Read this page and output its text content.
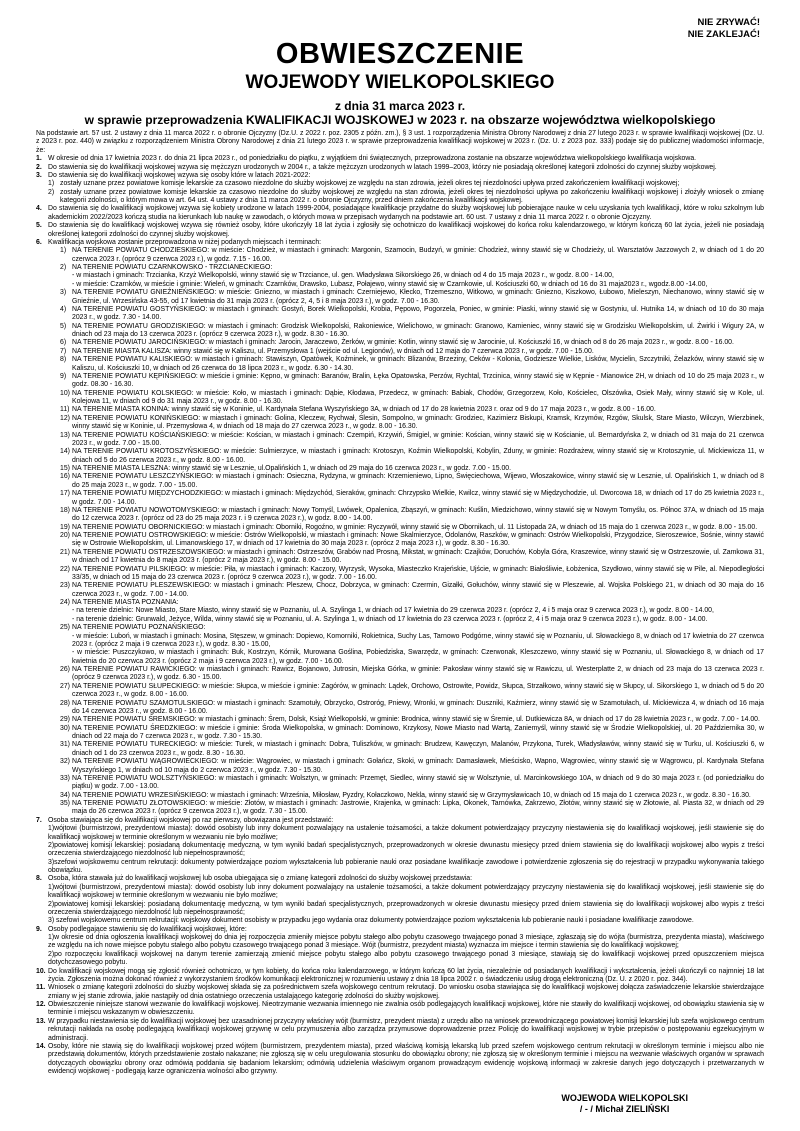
NIE ZRYWAĆ!
NIE ZAKLEJAĆ!
OBWIESZCZENIE
WOJEWODY WIELKOPOLSKIEGO
z dnia 31 marca 2023 r.
w sprawie przeprowadzenia KWALIFIKACJI WOJSKOWEJ w 2023 r. na obszarze województwa wielkopolskiego

Na podstawie art. 57 ust. 2 ustawy z dnia 11 marca 2022 r. o obronie Ojczyzny (Dz.U. z 2022 r. poz. 2305 z późn. zm.), § 3 ust. 1 rozporządzenia Ministra Obrony Narodowej z dnia 27 lutego 2023 r. w sprawie kwalifikacji wojskowej (Dz. U. z 2023 r. poz. 440) w związku z rozporządzeniem Ministra Obrony Narodowej z dnia 21 lutego 2023 r. w sprawie przeprowadzenia kwalifikacji wojskowej w 2023 r. (Dz. U. z 2023 poz. 333) podaje się do publicznej wiadomości informacje, że:

1. W okresie od dnia 17 kwietnia 2023 r. do dnia 21 lipca 2023 r., od poniedziałku do piątku, z wyjątkiem dni świątecznych, przeprowadzona zostanie na obszarze województwa wielkopolskiego kwalifikacja wojskowa.
2. Do stawienia się do kwalifikacji wojskowej wzywa się mężczyzn urodzonych w 2004 r., a także mężczyzn urodzonych w latach 1999–2003, którzy nie posiadają określonej kategorii zdolności do czynnej służby wojskowej.
3. Do stawienia się do kwalifikacji wojskowej wzywa się osoby które w latach 2021-2022:
1) zostały uznane przez powiatowe komisje lekarskie za czasowo niezdolne do służby wojskowej ze względu na stan zdrowia, jeżeli okres tej niezdolności upływa przed zakończeniem kwalifikacji wojskowej;
2) zostały uznane przez powiatowe komisje lekarskie za czasowo niezdolne do służby wojskowej ze względu na stan zdrowia, jeżeli okres tej niezdolności upływa po zakończeniu kwalifikacji wojskowej i złożyły wniosek o zmianę kategorii zdolności, o którym mowa w art. 64 ust. 4 ustawy z dnia 11 marca 2022 r. o obronie Ojczyzny, przed dniem zakończenia kwalifikacji wojskowej.
4. Do stawienia się do kwalifikacji wojskowej wzywa się kobiety urodzone w latach 1999-2004, posiadające kwalifikacje przydatne do służby wojskowej lub pobierające nauke w celu uzyskania tych kwalifikacji, które w roku szkolnym lub akademickim 2022/2023 kończą studia na kierunkach lub naukę w zawodach, o których mowa w przepisach wydanych na podstawie art. 60 ust. 7 ustawy z dnia 11 marca 2022 r. o obronie Ojczyzny.
5. Do stawienia się do kwalifikacji wojskowej wzywa się również osoby, które ukończyły 18 lat życia i zgłosiły się ochotniczo do kwalifikacji wojskowej do końca roku kalendarzowego, w którym kończą 60 lat życia, jeżeli nie posiadają określonej kategorii zdolności do czynnej służby wojskowej.
6. Kwalifikacja wojskowa zostanie przeprowadzona w niżej podanych miejscach i terminach:
1) NA TERENIE POWIATU CHODZIESKIEGO: w mieście: Chodzież, w miastach i gminach: Margonin, Szamocin, Budzyń, w gminie: Chodzież, winny stawić się w Chodzieży, ul. Warsztatów Jazzowych 2, w dniach od 1 do 20 czerwca 2023 r. (oprócz 9 czerwca 2023 r.), w godz. 7.15 - 16.00.
2) NA TERENIE POWIATU CZARNKOWSKO - TRZCIANECKIEGO:
- w miastach i gminach: Trzcianka, Krzyż Wielkopolski, winny stawić się w Trzciance, ul. gen. Władysława Sikorskiego 26, w dniach od 4 do 15 maja 2023 r., w godz. 8.00 - 14.00,
- w mieście: Czarnków, w mieście i gminie: Wieleń, w gminach: Czarnków, Drawsko, Lubasz, Połajewo, winny stawić się w Czarnkowie, ul. Kościuszki 60, w dniach od 16 do 31 maja2023 r., wgodz.8.00 -14.00,
3) NA TERENIE POWIATU GNIEŹNIEŃSKIEGO: w mieście: Gniezno, w miastach i gminach: Czerniejewo, Kłecko, Trzemeszno, Witkowo, w gminach: Gniezno, Kiszkowo, Łubowo, Mieleszyn, Niechanowo, winny stawić się w Gnieźnie, ul. Wrzesińska 43-55, od 17 kwietnia do 31 maja 2023 r. (oprócz 2, 4, 5 i 8 maja 2023 r.), w godz. 7.00 - 16.30.
4) NA TERENIE POWIATU GOSTYŃSKIEGO: w miastach i gminach: Gostyń, Borek Wielkopolski, Krobia, Pępowo, Pogorzela, Poniec, w gminie: Piaski, winny stawić się w Gostyniu, ul. Hutnika 14, w dniach od 10 do 30 maja 2023 r., w godz. 7.30 - 14.00.
5) NA TERENIE POWIATU GRODZISKIEGO: w miastach i gminach: Grodzisk Wielkopolski, Rakoniewice, Wielichowo, w gminach: Granowo, Kamieniec, winny stawić się w Grodzisku Wielkopolskim, ul. Żwirki i Wigury 2A, w dniach od 23 maja do 13 czerwca 2023 r. (oprócz 9 czerwca 2023 r.), w godz. 8.30 - 16.30.
6) NA TERENIE POWIATU JAROCIŃSKIEGO: w miastach i gminach: Jarocin, Jaraczewo, Żerków, w gminie: Kotlin, winny stawić się w Jarocinie, ul. Kościuszki 16, w dniach od 8 do 26 maja 2023 r., w godz. 8.00 - 16.00.
7) NA TERENIE MIASTA KALISZA: winny stawić się w Kaliszu, ul. Przemysłowa 1 (wejście od ul. Legionów), w dniach od 12 maja do 7 czerwca 2023 r., w godz. 7.00 - 15.00.
8) NA TERENIE POWIATU KALISKIEGO: w miastach i gminach: Stawiszyn, Opatówek, Koźminek, w gminach: Blizanów, Brzeziny, Ceków - Kolonia, Godziesze Wielkie, Lisków, Mycielin, Szczytniki, Żelazków, winny stawić się w Kaliszu, ul. Kościuszki 10, w dniach od 26 czerwca do 18 lipca 2023 r., w godz. 6.30 - 14.30.
9) NA TERENIE POWIATU KĘPIŃSKIEGO: w mieście i gminie: Kępno, w gminach: Baranów, Bralin, Łęka Opatowska, Perzów, Rychtal, Trzcinica, winny stawić się w Kępnie - Mianowice 2H, w dniach od 10 do 25 maja 2023 r., w godz. 08.30 - 16.30.
10) NA TERENIE POWIATU KOLSKIEGO: w mieście: Koło, w miastach i gminach: Dąbie, Kłodawa, Przedecz, w gminach: Babiak, Chodów, Grzegorzew, Koło, Kościelec, Olszówka, Osiek Mały, winny stawić się w Kole, ul. Kolejowa 11, w dniach od 9 do 31 maja 2023 r., w godz. 8.00 - 16.30.
11) NA TERENIE MIASTA KONINA: winny stawić się w Koninie, ul. Kardynała Stefana Wyszyńskiego 3A, w dniach od 17 do 28 kwietnia 2023 r. oraz od 9 do 17 maja 2023 r., w godz. 8.00 - 16.00.
12) NA TERENIE POWIATU KONIŃSKIEGO: w miastach i gminach: Golina, Kleczew, Rychwał, Ślesin, Sompolno, w gminach: Grodziec, Kazimierz Biskupi, Kramsk, Krzymów, Rzgów, Skulsk, Stare Miasto, Wilczyn, Wierzbinek, winny stawić się w Koninie, ul. Przemysłowa 4, w dniach od 18 maja do 27 czerwca 2023 r., w godz. 8.00 - 16.30.
13) NA TERENIE POWIATU KOŚCIAŃSKIEGO: w mieście: Kościan, w miastach i gminach: Czempiń, Krzywiń, Śmigiel, w gminie: Kościan, winny stawić się w Kościanie, ul. Bernardyńska 2, w dniach od 31 maja do 21 czerwca 2023 r., w godz. 7.00 - 15.00.
14) NA TERENIE POWIATU KROTOSZYŃSKIEGO: w mieście: Sulmierzyce, w miastach i gminach: Krotoszyn, Koźmin Wielkopolski, Kobylin, Zduny, w gminie: Rozdrażew, winny stawić się w Krotoszynie, ul. Mickiewicza 11, w dniach od 5 do 26 czerwca 2023 r., w godz. 8.00 - 16.00.
15) NA TERENIE MIASTA LESZNA: winny stawić się w Lesznie, ul.Opalińskich 1, w dniach od 29 maja do 16 czerwca 2023 r., w godz. 7.00 - 15.00.
16) NA TERENIE POWIATU LESZCZYŃSKIEGO: w miastach i gminach: Osieczna, Rydzyna, w gminach: Krzemieniewo, Lipno, Święciechowa, Wijewo, Włoszakowice, winny stawić się w Lesznie, ul. Opalińskich 1, w dniach od 8 do 25 maja 2023 r., w godz. 7.00 - 15.00.
17) NA TERENIE POWIATU MIĘDZYCHODZKIEGO: w miastach i gminach: Międzychód, Sieraków, gminach: Chrzypsko Wielkie, Kwilcz, winny stawić się w Międzychodzie, ul. Dworcowa 18, w dniach od 17 do 25 kwietnia 2023 r., w godz. 7.00 - 14.00.
18) NA TERENIE POWIATU NOWOTOMYSKIEGO: w miastach i gminach: Nowy Tomyśl, Lwówek, Opalenica, Zbąszyń, w gminach: Kuślin, Miedzichowo, winny stawić się w Nowym Tomyślu, os. Północ 37A, w dniach od 15 maja do 12 czerwca 2023 r. (oprócz od 23 do 25 maja 2023 r. i 9 czerwca 2023 r.), w godz. 8.00 - 14.00.
19) NA TERENIE POWIATU OBORNICKIEGO: w miastach i gminach: Oborniki, Rogoźno, w gminie: Ryczywół, winny stawić się w Obornikach, ul. 11 Listopada 2A, w dniach od 15 maja do 1 czerwca 2023 r., w godz. 8.00 - 15.00.
20) NA TERENIE POWIATU OSTROWSKIEGO: w mieście: Ostrów Wielkopolski, w miastach i gminach: Nowe Skalmierzyce, Odolanów, Raszków, w gminach: Ostrów Wielkopolski, Przygodzice, Sieroszewice, Sośnie, winny stawić się w Ostrowie Wielkopolskim, ul. Limanowskiego 17, w dniach od 17 kwietnia do 30 maja 2023 r. (oprócz 2 maja 2023 r.), w godz. 8.30 - 16.30.
21) NA TERENIE POWIATU OSTRZESZOWSKIEGO: w miastach i gminach: Ostrzeszów, Grabów nad Prosną, Mikstat, w gminach: Czajków, Doruchów, Kobyla Góra, Kraszewice, winny stawić się w Ostrzeszowie, ul. Zamkowa 31, w dniach od 17 kwietnia do 8 maja 2023 r. (oprócz 2 maja 2023 r.), w godz. 8.00 - 15.00.
22) NA TERENIE POWIATU PILSKIEGO: w mieście: Piła, w miastach i gminach: Kaczory, Wyrzysk, Wysoka, Miasteczko Krajeńskie, Ujście, w gminach: Białośliwie, Łobżenica, Szydłowo, winny stawić się w Pile, al. Niepodległości 33/35, w dniach od 15 maja do 23 czerwca 2023 r. (oprócz 9 czerwca 2023 r.), w godz. 7.00 - 16.00.
23) NA TERENIE POWIATU PLESZEWSKIEGO: w miastach i gminach: Pleszew, Chocz, Dobrzyca, w gminach: Czermin, Gizałki, Gołuchów, winny stawić się w Pleszewie, al. Wojska Polskiego 21, w dniach od 30 maja do 16 czerwca 2023 r., w godz. 7.00 - 14.00.
24) NA TERENIE MIASTA POZNANIA:
- na terenie dzielnic: Nowe Miasto, Stare Miasto, winny stawić się w Poznaniu, ul. A. Szylinga 1, w dniach od 17 kwietnia do 29 czerwca 2023 r. (oprócz 2, 4 i 5 maja oraz 9 czerwca 2023 r.), w godz. 8.00 - 14.00,
- na terenie dzielnic: Grunwald, Jeżyce, Wilda, winny stawić się w Poznaniu, ul. A. Szylinga 1, w dniach od 17 kwietnia do 23 czerwca 2023 r. (oprócz 2, 4 i 5 maja oraz 9 czerwca 2023 r.), w godz. 8.00 - 14.00.
25) NA TERENIE POWIATU POZNAŃSKIEGO:
- w mieście: Luboń, w miastach i gminach: Mosina, Stęszew, w gminach: Dopiewo, Komorniki, Rokietnica, Suchy Las, Tarnowo Podgórne, winny stawić się w Poznaniu, ul. Słowackiego 8, w dniach od 17 kwietnia do 27 czerwca 2023 r. (oprócz 2 maja i 9 czerwca 2023 r.), w godz. 8.30 - 15.00,
- w mieście: Puszczykowo, w miastach i gminach: Buk, Kostrzyn, Kórnik, Murowana Goślina, Pobiedziska, Swarzędz, w gminach: Czerwonak, Kleszczewo, winny stawić się w Poznaniu, ul. Słowackiego 8, w dniach od 17 kwietnia do 20 czerwca 2023 r. (oprócz 2 maja i 9 czerwca 2023 r.), w godz. 7.00 - 16.00.
26) NA TERENIE POWIATU RAWICKIEGO: w miastach i gminach: Rawicz, Bojanowo, Jutrosin, Miejska Górka, w gminie: Pakosław winny stawić się w Rawiczu, ul. Westerplatte 2, w dniach od 23 maja do 13 czerwca 2023 r. (oprócz 9 czerwca 2023 r.), w godz. 6.30 - 15.00.
27) NA TERENIE POWIATU SŁUPECKIEGO: w mieście: Słupca, w mieście i gminie: Zagórów, w gminach: Lądek, Orchowo, Ostrowite, Powidz, Słupca, Strzałkowo, winny stawić się w Słupcy, ul. Sikorskiego 1, w dniach od 5 do 20 czerwca 2023 r., w godz. 8.00 - 16.00.
28) NA TERENIE POWIATU SZAMOTULSKIEGO: w miastach i gminach: Szamotuły, Obrzycko, Ostroróg, Pniewy, Wronki, w gminach: Duszniki, Kaźmierz, winny stawić się w Szamotułach, ul. Mickiewicza 4, w dniach od 16 maja do 14 czerwca 2023 r., w godz. 8.00 - 16.00.
29) NA TERENIE POWIATU ŚREMSKIEGO: w miastach i gminach: Śrem, Dolsk, Książ Wielkopolski, w gminie: Brodnica, winny stawić się w Śremie, ul. Dutkiewicza 8A, w dniach od 17 do 28 kwietnia 2023 r., w godz. 7.00 - 14.00.
30) NA TERENIE POWIATU ŚREDZKIEGO: w mieście i gminie: Środa Wielkopolska, w gminach: Dominowo, Krzykosy, Nowe Miasto nad Wartą, Zaniemyśl, winny stawić się w Środzie Wielkopolskiej, ul. 20 Października 30, w dniach od 22 maja do 7 czerwca 2023 r., w godz. 7.30 - 15.30.
31) NA TERENIE POWIATU TURECKIEGO: w mieście: Turek, w miastach i gminach: Dobra, Tuliszków, w gminach: Brudzew, Kawęczyn, Malanów, Przykona, Turek, Władysławów, winny stawić się w Turku, ul. Kościuszki 6, w dniach od 1 do 23 czerwca 2023 r., w godz. 8.30 - 16.30.
32) NA TERENIE POWIATU WĄGROWIECKIEGO: w mieście: Wągrowiec, w miastach i gminach: Gołańcz, Skoki, w gminach: Damasławek, Mieścisko, Wapno, Wągrowiec, winny stawić się w Wągrowcu, pl. Kardynała Stefana Wyszyńskiego 1, w dniach od 10 maja do 2 czerwca 2023 r., w godz. 7.30 - 15.30.
33) NA TERENIE POWIATU WOLSZTYŃSKIEGO: w miastach i gminach: Wolsztyn, w gminach: Przemęt, Siedlec, winny stawić się w Wolsztynie, ul. Marcinkowskiego 10A, w dniach od 9 do 30 maja 2023 r. (od poniedziałku do piątku) w godz. 7.00 - 13.00.
34) NA TERENIE POWIATU WRZESIŃSKIEGO: w miastach i gminach: Września, Miłosław, Pyzdry, Kołaczkowo, Nekla, winny stawić się w Grzymysławicach 10, w dniach od 15 maja do 1 czerwca 2023 r., w godz. 8.30 - 16.30.
35) NA TERENIE POWIATU ZŁOTOWSKIEGO: w mieście: Złotów, w miastach i gminach: Jastrowie, Krajenka, w gminach: Lipka, Okonek, Tarnówka, Zakrzewo, Złotów, winny stawić się w Złotowie, al. Piasta 32, w dniach od 29 maja do 26 czerwca 2023 r. (oprócz 9 czerwca 2023 r.), w godz. 7.30 - 15.00.
7. Osoba stawiająca się do kwalifikacji wojskowej po raz pierwszy, obowiązana jest przedstawić:
1)wójtowi (burmistrzowi, prezydentowi miasta): dowód osobisty lub inny dokument pozwalający na ustalenie tożsamości, a także dokument potwierdzający przyczyny niestawienia się do kwalifikacji wojskowej, jeśli stawienie się do kwalifikacji wojskowej w terminie określonym w wezwaniu nie było możliwe;
2)powiatowej komisji lekarskiej: posiadaną dokumentację medyczną, w tym wyniki badań specjalistycznych, przeprowadzonych w okresie dwunastu miesięcy przed dniem stawienia się do kwalifikacji wojskowej albo wypis z treści orzeczenia stwierdzającego niezdolność lub niepełnosprawność;
3)szefowi wojskowemu centrum rekrutacji: dokumenty potwierdzające poziom wykształcenia lub pobieranie nauki oraz posiadane kwalifikacje zawodowe i potwierdzenie zgłoszenia się do rejestracji w przypadku wykonywania takiego obowiązku.
8. Osoba, która stawała już do kwalifikacji wojskowej lub osoba ubiegająca się o zmianę kategorii zdolności do służby wojskowej przedstawia:
1)wójtowi (burmistrzowi, prezydentowi miasta): dowód osobisty lub inny dokument pozwalający na ustalenie tożsamości, a także dokument potwierdzający przyczyny niestawienia się do kwalifikacji wojskowej, jeśli stawienie się do kwalifikacji wojskowej w terminie określonym w wezwaniu nie było możliwe;
2)powiatowej komisji lekarskiej: posiadaną dokumentację medyczną, w tym wyniki badań specjalistycznych, przeprowadzonych w okresie dwunastu miesięcy przed dniem stawienia się do kwalifikacji wojskowej albo wypis z treści orzeczenia stwierdzającego niezdolność lub niepełnosprawność;
3) szefowi wojskowemu centrum rekrutacji: wojskowy dokument osobisty w przypadku jego wydania oraz dokumenty potwierdzające poziom wykształcenia lub pobieranie nauki i posiadane kwalifikacje zawodowe.
9. Osoby podlegające stawieniu się do kwalifikacji wojskowej, które:
1)w okresie od dnia ogłoszenia kwalifikacji wojskowej do dnia jej rozpoczęcia zmieniły miejsce pobytu stałego albo pobytu czasowego trwającego ponad 3 miesiące, zgłaszają się do wójta (burmistrza, prezydenta miasta), właściwego ze względu na ich nowe miejsce pobytu stałego albo pobytu czasowego trwającego ponad 3 miesiące. Wójt (burmistrz, prezydent miasta) wyznacza im miejsce i termin stawienia się do kwalifikacji wojskowej;
2)po rozpoczęciu kwalifikacji wojskowej na danym terenie zamierzają zmienić miejsce pobytu stałego albo pobytu czasowego trwającego ponad 3 miesiące, stawiają się do kwalifikacji wojskowej przed opuszczeniem miejsca dotychczasowego pobytu.
10. Do kwalifikacji wojskowej mogą się zgłosić również ochotniczo, w tym kobiety, do końca roku kalendarzowego, w którym kończą 60 lat życia, niezależnie od posiadanych kwalifikacji i wykształcenia, jeżeli ukończyli co najmniej 18 lat życia. Zgłoszenia można dokonać również z wykorzystaniem środków komunikacji elektronicznej w rozumieniu ustawy z dnia 18 lipca 2002 r. o świadczeniu usług drogą elektroniczną (Dz. U. z 2020 r. poz. 344).
11. Wniosek o zmianę kategorii zdolności do służby wojskowej składa się za pośrednictwem szefa wojskowego centrum rekrutacji. Do wniosku osoba stawiająca się do kwalifikacji wojskowej dołącza zaświadczenie lekarskie stwierdzające zmiany w jej stanie zdrowia, jakie nastąpiły od dnia ostatniego orzeczenia ustalającego kategorię zdolności do służby wojskowej.
12. Obwieszczenie niniejsze stanowi wezwanie do kwalifikacji wojskowej. Nieotrzymanie wezwania imiennego nie zwalnia osób podlegających kwalifikacji wojskowej, które nie stawiły do kwalifikacji wojskowej, od obowiązku stawienia się w terminie i miejscu wskazanym w obwieszczeniu.
13. W przypadku niestawienia się do kwalifikacji wojskowej bez uzasadnionej przyczyny właściwy wójt (burmistrz, prezydent miasta) z urzędu albo na wniosek przewodniczącego powiatowej komisji lekarskiej lub szefa wojskowego centrum rekrutacji nakłada na osobę podlegającą kwalifikacji wojskowej grzywnę w celu przymuszenia albo zarządza przymusowe doprowadzenie przez Policję do kwalifikacji wojskowej w trybie przepisów o postępowaniu egzekucyjnym w administracji.
14. Osoby, które nie stawią się do kwalifikacji wojskowej przed wójtem (burmistrzem, prezydentem miasta), przed właściwą komisją lekarską lub przed szefem wojskowego centrum rekrutacji w określonym terminie i miejscu albo nie przedstawią dokumentów, których przedstawienie zostało nakazane; nie zgłoszą się w celu uregulowania stosunku do obowiązku obrony; nie zgłoszą się w określonym terminie i miejscu na wezwanie właściwych organów w sprawach dotyczących obowiązku obrony oraz odmówią poddania się badaniom lekarskim; odmówią udzielenia właściwym organom prowadzącym ewidencję wojskową informacji w zakresie danych jego dotyczących i przetwarzanych w ewidencji wojskowej - podlegają karze ograniczenia wolności albo grzywny.
WOJEWODA WIELKOPOLSKI
/ - / Michał ZIELIŃSKI
